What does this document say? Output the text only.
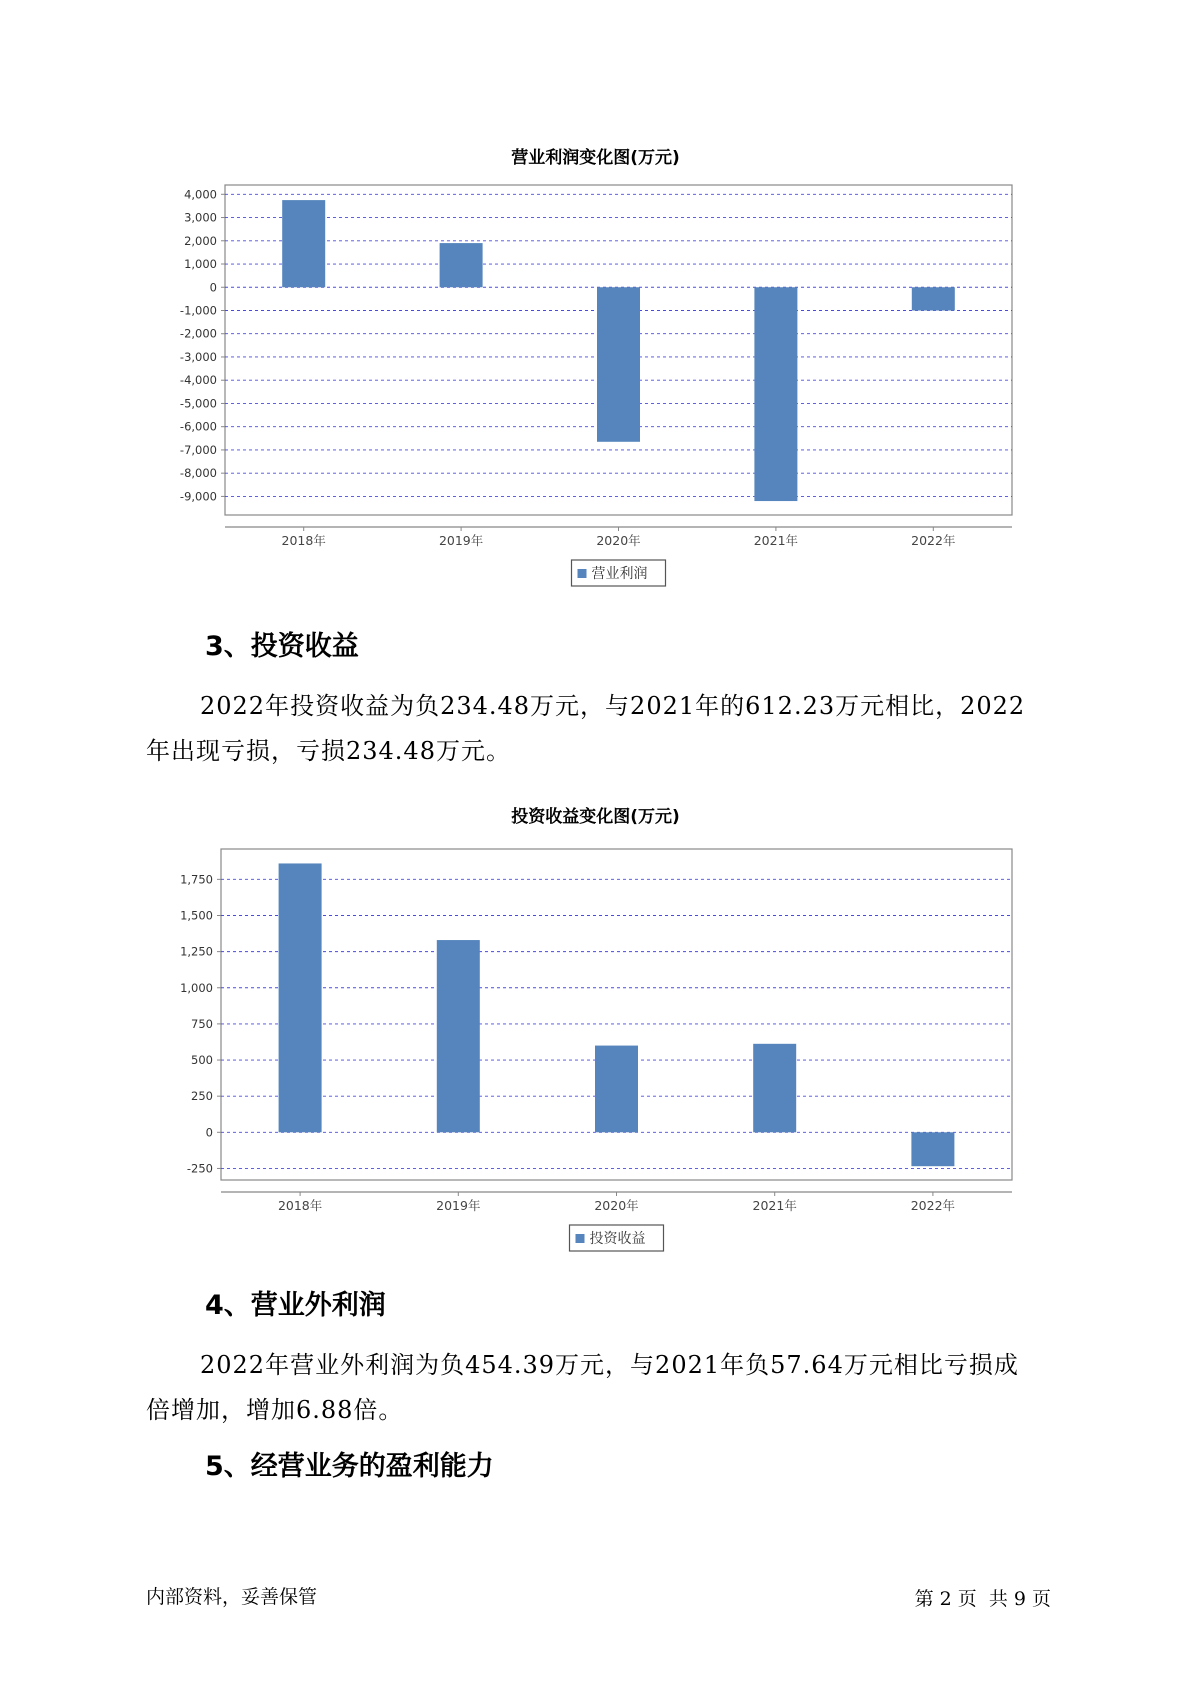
营业利润变化图(万元)
4,000
3,000
2,000
1,000
0
-1,000
-2,000
-3,000
-4,000
-5,000
-6,000
-7,000
-8,000
-9,000
2018年	2019年	2020年	2021年	2022年
营业利润
3、投资收益
2022年投资收益为负234.48万元，与2021年的612.23万元相比，2022
年出现亏损，亏损234.48万元。
投资收益变化图(万元)
1,750
1,500
1,250
1,000
750
500
250
0
-250
2018年	2019年	2020年	2021年	2022年
投资收益
4、营业外利润
2022年营业外利润为负454.39万元，与2021年负57.64万元相比亏损成
倍增加，增加6.88倍。
5、经营业务的盈利能力
内部资料，妥善保管	第 2 页  共 9 页
